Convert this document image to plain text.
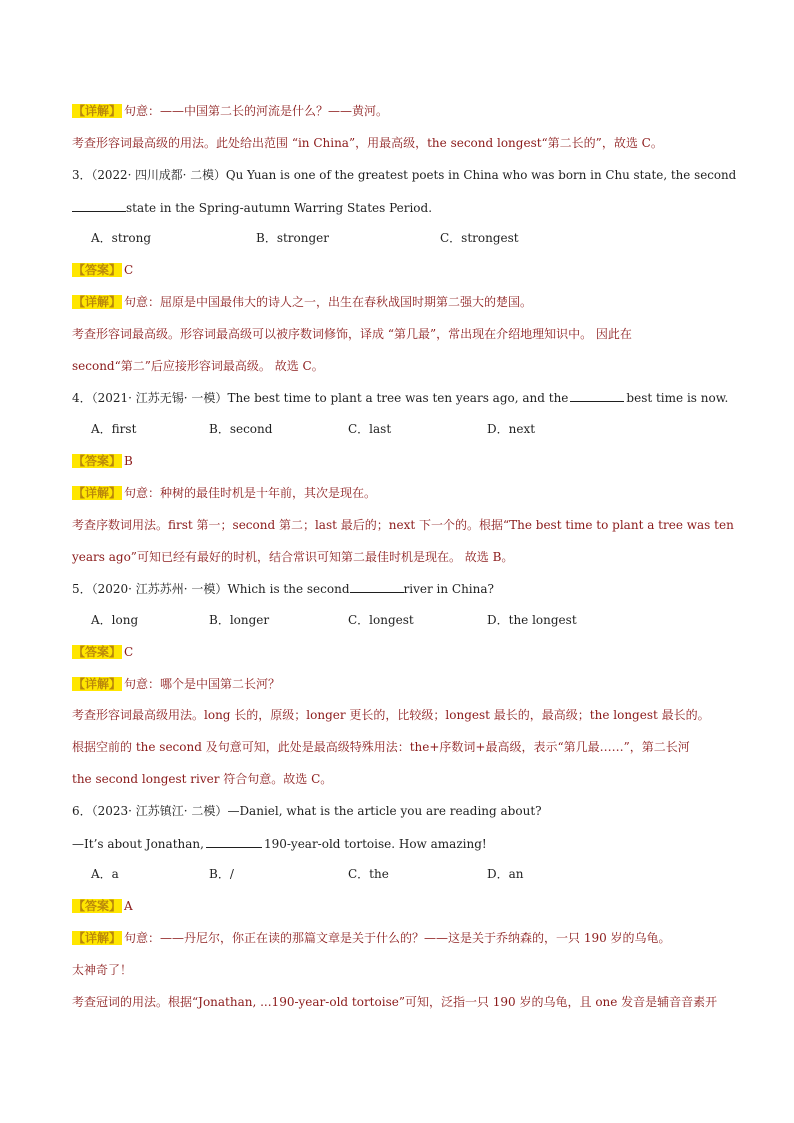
【详解】 句意：——中国第二长的河流是什么？——黄河。
考查形容词最高级的用法。此处给出范围 “in China”，用最高级，the second longest“第二长的”，故选 C。
3．（2022· 四川成都· 二模）Qu Yuan is one of the greatest poets in China who was born in Chu state, the second
state in the Spring-autumn Warring States Period.
A．strong	B．stronger	C．strongest
【答案】 C
【详解】 句意：屈原是中国最伟大的诗人之一，出生在春秋战国时期第二强大的楚国。
考查形容词最高级。形容词最高级可以被序数词修饰，译成 “第几最”，常出现在介绍地理知识中。 因此在
second“第二”后应接形容词最高级。 故选 C。
4．（2021· 江苏无锡· 一模）The best time to plant a tree was ten years ago, and the	best time is now.
A．first	B．second	C．last	D．next
【答案】 B
【详解】 句意：种树的最佳时机是十年前，其次是现在。
考查序数词用法。first 第一；second 第二；last 最后的；next 下一个的。根据“The best time to plant a tree was ten
years ago”可知已经有最好的时机，结合常识可知第二最佳时机是现在。 故选 B。
5．（2020· 江苏苏州· 一模）Which is the second	river in China?
A．long	B．longer	C．longest	D．the longest
【答案】 C
【详解】 句意：哪个是中国第二长河？
考查形容词最高级用法。long 长的，原级；longer 更长的，比较级；longest 最长的，最高级；the longest 最长的。
根据空前的 the second 及句意可知，此处是最高级特殊用法：the+序数词+最高级，表示“第几最……”，第二长河
the second longest river 符合句意。故选 C。
6．（2023· 江苏镇江· 二模）—Daniel, what is the article you are reading about?
—It’s about Jonathan,	190-year-old tortoise. How amazing!
A．a	B．/	C．the	D．an
【答案】 A
【详解】 句意：——丹尼尔，你正在读的那篇文章是关于什么的？——这是关于乔纳森的，一只 190 岁的乌龟。
太神奇了！
考查冠词的用法。根据“Jonathan, ...190-year-old tortoise”可知，泛指一只 190 岁的乌龟，且 one 发音是辅音音素开
